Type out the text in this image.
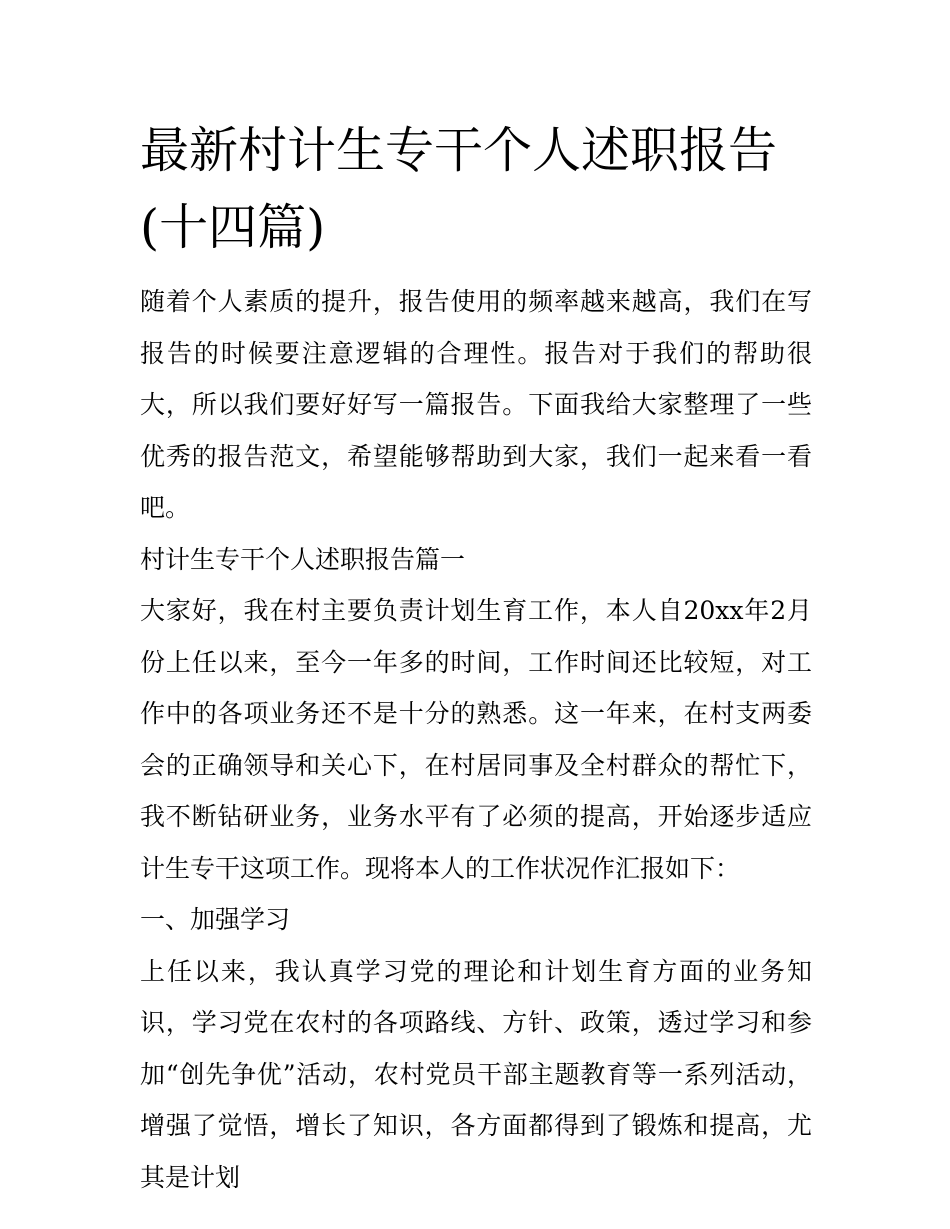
最新村计生专干个人述职报告(十四篇)

随着个人素质的提升，报告使用的频率越来越高，我们在写报告的时候要注意逻辑的合理性。报告对于我们的帮助很大，所以我们要好好写一篇报告。下面我给大家整理了一些优秀的报告范文，希望能够帮助到大家，我们一起来看一看吧。

村计生专干个人述职报告篇一

大家好，我在村主要负责计划生育工作，本人自20xx年2月份上任以来，至今一年多的时间，工作时间还比较短，对工作中的各项业务还不是十分的熟悉。这一年来，在村支两委会的正确领导和关心下，在村居同事及全村群众的帮忙下，我不断钻研业务，业务水平有了必须的提高，开始逐步适应计生专干这项工作。现将本人的工作状况作汇报如下：

一、加强学习

上任以来，我认真学习党的理论和计划生育方面的业务知识，学习党在农村的各项路线、方针、政策，透过学习和参加“创先争优”活动，农村党员干部主题教育等一系列活动，增强了觉悟，增长了知识，各方面都得到了锻炼和提高，尤其是计划
